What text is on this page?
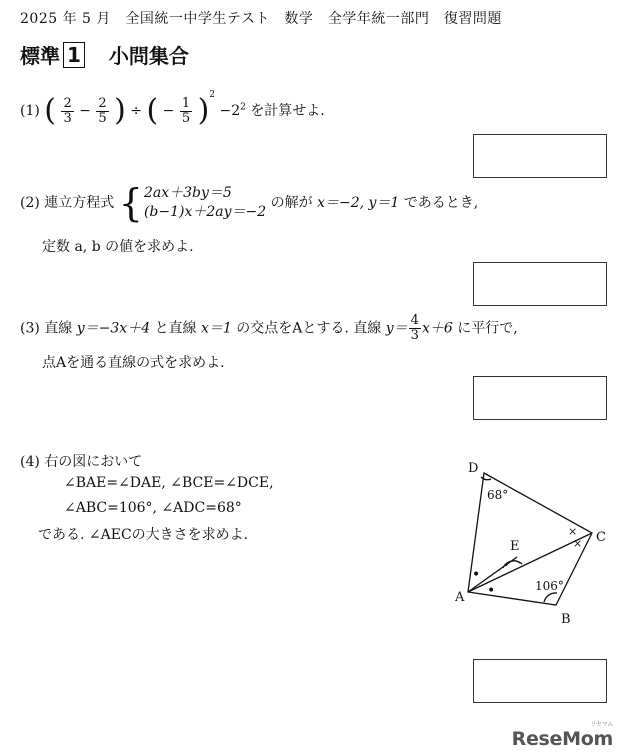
2025 年 5 月　全国統一中学生テスト　数学　全学年統一部門　復習問題
標準 1 小問集合
(1) ( $\frac{2}{3} - \frac{2}{5}$ ) ÷ ( − $\frac{1}{5} )^2 -2^2$ を計算せよ.
(2) 連立方程式 { 2ax＋3by＝5
(b−1)x＋2ay＝−2
の解が x＝−2, y＝1 であるとき,
定数 a, b の値を求めよ.
(3) 直線 y＝−3x＋4 と直線 x＝1 の交点をAとする. 直線 $y= \frac{4}{3} x+6$ に平行で,
点Aを通る直線の式を求めよ.
(4) 右の図において
∠BAE=∠DAE, ∠BCE=∠DCE,
∠ABC=106°, ∠ADC=68°
である. ∠AECの大きさを求めよ.
D
C
B
A
E
68°
106°
×
×
•
•
ReseMom
リセマム
